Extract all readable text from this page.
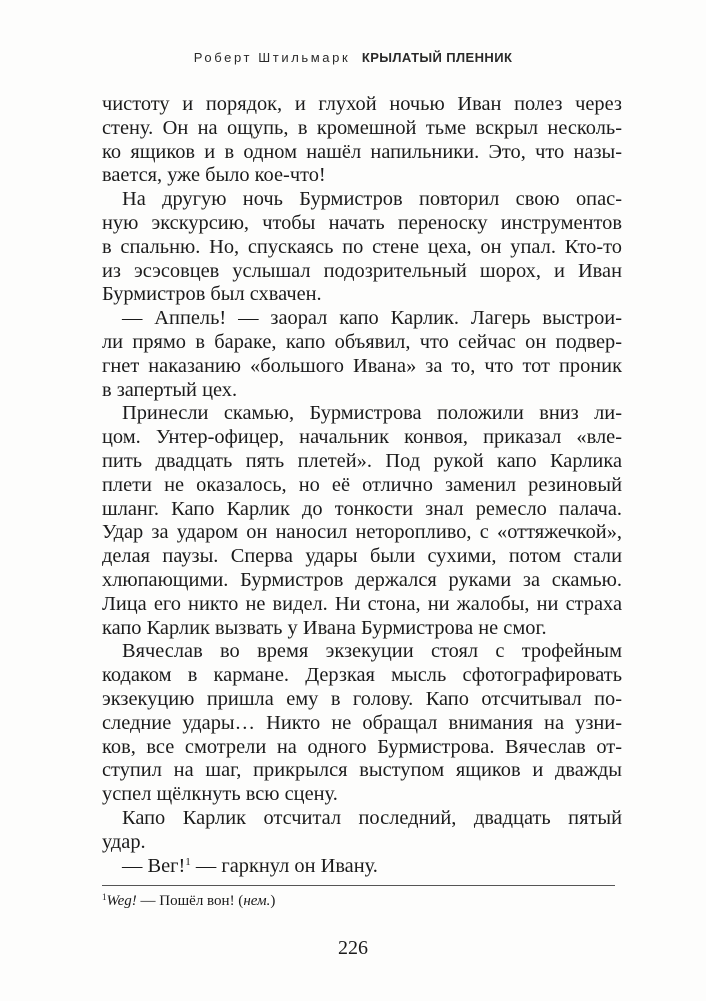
Роберт Штильмарк КРЫЛАТЫЙ ПЛЕННИК
чистоту и порядок, и глухой ночью Иван полез через
стену. Он на ощупь, в кромешной тьме вскрыл несколь-
ко ящиков и в одном нашёл напильники. Это, что назы-
вается, уже было кое-что!
На другую ночь Бурмистров повторил свою опас-
ную экскурсию, чтобы начать переноску инструментов
в спальню. Но, спускаясь по стене цеха, он упал. Кто-то
из эсэсовцев услышал подозрительный шорох, и Иван
Бурмистров был схвачен.
— Аппель! — заорал капо Карлик. Лагерь выстрои-
ли прямо в бараке, капо объявил, что сейчас он подвер-
гнет наказанию «большого Ивана» за то, что тот проник
в запертый цех.
Принесли скамью, Бурмистрова положили вниз ли-
цом. Унтер-офицер, начальник конвоя, приказал «вле-
пить двадцать пять плетей». Под рукой капо Карлика
плети не оказалось, но её отлично заменил резиновый
шланг. Капо Карлик до тонкости знал ремесло палача.
Удар за ударом он наносил неторопливо, с «оттяжечкой»,
делая паузы. Сперва удары были сухими, потом стали
хлюпающими. Бурмистров держался руками за скамью.
Лица его никто не видел. Ни стона, ни жалобы, ни страха
капо Карлик вызвать у Ивана Бурмистрова не смог.
Вячеслав во время экзекуции стоял с трофейным
кодаком в кармане. Дерзкая мысль сфотографировать
экзекуцию пришла ему в голову. Капо отсчитывал по-
следние удары… Никто не обращал внимания на узни-
ков, все смотрели на одного Бурмистрова. Вячеслав от-
ступил на шаг, прикрылся выступом ящиков и дважды
успел щёлкнуть всю сцену.
Капо Карлик отсчитал последний, двадцать пятый
удар.
— Вег!$^1$ — гаркнул он Ивану.
$^1$Weg! — Пошёл вон! (нем.)
226
